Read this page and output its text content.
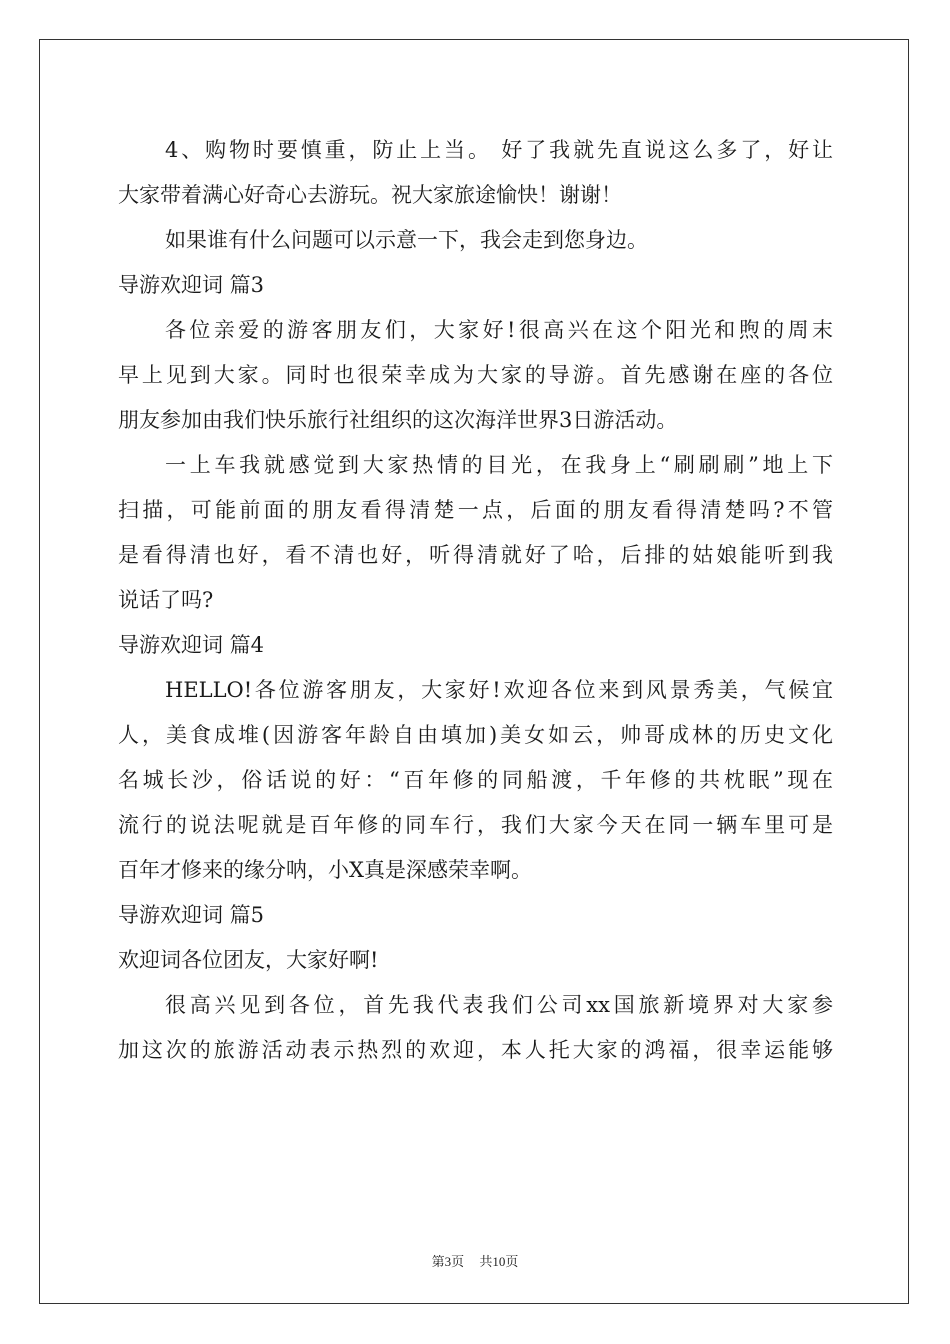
4、购物时要慎重，防止上当。 好了我就先直说这么多了，好让
大家带着满心好奇心去游玩。祝大家旅途愉快！谢谢！
如果谁有什么问题可以示意一下，我会走到您身边。
导游欢迎词 篇3
各位亲爱的游客朋友们，大家好!很高兴在这个阳光和煦的周末
早上见到大家。同时也很荣幸成为大家的导游。首先感谢在座的各位
朋友参加由我们快乐旅行社组织的这次海洋世界3日游活动。
一上车我就感觉到大家热情的目光，在我身上“刷刷刷”地上下
扫描，可能前面的朋友看得清楚一点，后面的朋友看得清楚吗?不管
是看得清也好，看不清也好，听得清就好了哈，后排的姑娘能听到我
说话了吗?
导游欢迎词 篇4
HELLO!各位游客朋友，大家好!欢迎各位来到风景秀美，气候宜
人，美食成堆(因游客年龄自由填加)美女如云，帅哥成林的历史文化
名城长沙，俗话说的好：“百年修的同船渡，千年修的共枕眠”现在
流行的说法呢就是百年修的同车行，我们大家今天在同一辆车里可是
百年才修来的缘分呐，小X真是深感荣幸啊。
导游欢迎词 篇5
欢迎词各位团友，大家好啊!
很高兴见到各位，首先我代表我们公司xx国旅新境界对大家参
加这次的旅游活动表示热烈的欢迎，本人托大家的鸿福，很幸运能够
第3页 共10页
